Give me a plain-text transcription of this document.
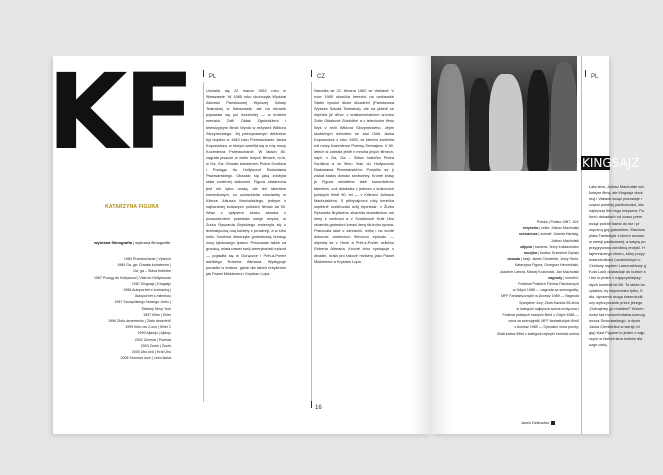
KF
KATARZYNA FIGURA
wybrana filmografia | wybrana filmografie:
1983 Przesłuchanie | Výslech
1985 Ga, ga: Chwała bohaterom |
Ga, ga – Sláva hrdinům
1987 Pociąg do Hollywood | Vlak do Hollywoodu
1987 Kingsajz | Kingsajz
1986 Autoportret z kochanką |
Autoportrét s milenkou
1987 Szczęśliwego Nowego Jorku |
Šťastný Nový York
1997 Killer | Killer
1996 Złoto dezerterów | Zlato dezertérů
1999 Kiler-ów 2-óch | Killer 2
1999 Ajlawju | Ajlavju
2002 Zemsta | Pomsta
2003 Żurek | Žurek
2005 Ubu król | Král Ubu
2006 Summer love | Letní láska
PL

Urodziła się 22 marca 1962 roku w Warszawie. W 1985 roku ukończyła Wydział Aktorski Państwowej Wyższej Szkoły Teatralnej w Warszawie, ale na ekranie pojawiała się już wcześniej — w krótkim metrażu Zofii Ołdak Zgnieżdżeni i telewizyjnym filmie Wyrok w reżyserii Wiktora Skrzyneckiego. Jej pełnoprawnym debiutem był dopiero w 1983 roku Przesłuchanie Jacka Kopcewicza, w którym wcieliła się w rolę muzy Kozimierza Przesłuchanie. W latach 80. zagrała jeszcze w wielu innych filmach, m.in. w Ga, Ga: Chwała bohaterom Piotra Szulkina i Pociągu do Hollywood Radosława Piwowarskiego. Okazało się jaką zdobyła stała rodzimej widzowni. Figura obdarzona jest nie tylko urodą, ale też talentem komediowym, co udowodniła chociażby w Kilerze Juliusza Machulskiego, jednym z najbardziej kultowych polskich filmów lat 90. Wraz z upływem czasu aktorka z powodzeniem przestała swoje emploi, w Żurku Ryszarda Brylskiego zmierzyła się z dramatyczną rolą kobiety z prowincji, a w Ubu królu Szulkina stworzyła groteskową kreację żony tytułowego tyrana. Pracowała także za granicą, miała nawet swój amerykański epizod — pojawiła się w Gorączce i Prêt-a-Porter wielkiego Roberta Altmana. Występuje ponadto w teatrze, gdzie dla takich reżyserów jak Paweł Miśkiewicz i Krystian Lupa.

CZ

Narodila se 22. března 1962 ve Varšavě. V roce 1985 ukončila herectví na varšavské Státní vysoké škole divadelní (Państwowa Wyższa Szkoła Teatralna), ale na plátně se objevila již dříve, v krátkometrážním snímku Zofie Ołdakové Zdeždění a v televizním filmu Wyk v režii Wiktora Skrzyneckého. Jejím skutečným debutem se stal Odkl Jacka Kopcewicze z roku 1983, ve kterém ztvárnila roli múzy Kazimierze Przewy-Tetmajera. V 80. letech si zahrála ještě v mnoha jiných filmech, např. v Ga, Ga – Sláva hrdinům Piotra Szulkina a ve filmu Vlak do Hollywoodu Radosława Piwowarského. Podařilo se jí získat status domácí sexbomby. Kromě krásy je Figura obdařena také komediálním talentem, což dokázala v jednom z kultovních polských filmů 90. let — v Killerovi Juliusze Machulského. S přibývajícími roky herečka úspěšně rozšiřovala svůj repertoár: v Žurku Ryszarda Brylského ztvárnila dramatickou roli ženy z venkova a v Szulkinově Králi Ubu ztvárnila groteskní kreaci ženy titulního tyrana. Pracovala také v zahraničí, měla i na kontě dokonce americkou filmovou epizodu — objevila se v Horší a Prêt-a-Porter velkého Roberta Altmana. Kromě toho vystupuje v divadle, hrála pro takové režiséry jako Paweł Miśkiewicz a Krystian Lupa.

16
Polska | Polsko 1987, 104'
reżyseria | režie: Juliusz Machulski
scenariusz | scénář: Jolanta Hartwig,
Juliusz Machulski
zdjęcia | kamera: Jerzy Łukaszewicz
muzyka | hudba: Krzesimir Dębski
obsada | hrají: Jacek Chmielnik, Jerzy Stuhr,
Katarzyna Figura, Grzegorz Heromiński,
Joachim Lamża, Maciej Kozłowski, Jan Machulski
nagrody | ocenění:
Festiwal Polskich Filmów Fabularnych
w Gdyni 1988 — nagroda za scenografię;
MFF Fantastycznych w Avoriaz 1989 — Nagroda
Specjalne Jury; Złota Kaczka 55-lecia
w kategorii najlepsza scena erotyczna |
Festival polských hraných filmů v Gdyni 1988 —
cena za scénografii; MFF fantastických filmů
v Avoriaz 1989 — Speciální cena poroty;
Zlatá kačka 55let v kategorii nejlepší erotická scéna
Jacek Dzikuszko
PL
KINGSAJZ
Lata leca, Juliusz Machulski wci
kolejne filmy, ale Kingsajz obok
mój i Vabank wciąż pozostaje r
części polskiej publiczności, dla
najlepszy film tego reżysera. Po
torch dekadach od czasu prem
wciąż potrafi bawić do łez i pr
zręczną grą gatunkiem. Machuls
plata Fantastyki z kinem sensac
w wersji pastiszowej, a satyrę po
przygrywana odrobiną erotyki. H
tajemniczego zbioru, który przyp
krasnoludkom (uzdolnionym c
Czołówy mężem Lamonaldowy g
Kola Loki) dowiaduje do kubich s
i kto to jeden z najsprytniejszy
słych komedii lat 80. To także bo
cytatów, by wspomnieć tylko, S
dło, dyczemu moga krasnoludk
czy wykrzyczanie przez jeżego
„Dotrajemy go muštem!” Wszen
ności taż monumentalna scenog
nusza Sosnowskiego, a dynie
Jacka Chmielnika w wersji mi
gię) Kasi Figurze to jeden z najp
rzych w historii kina hoklów dla
ozgo cielą.
